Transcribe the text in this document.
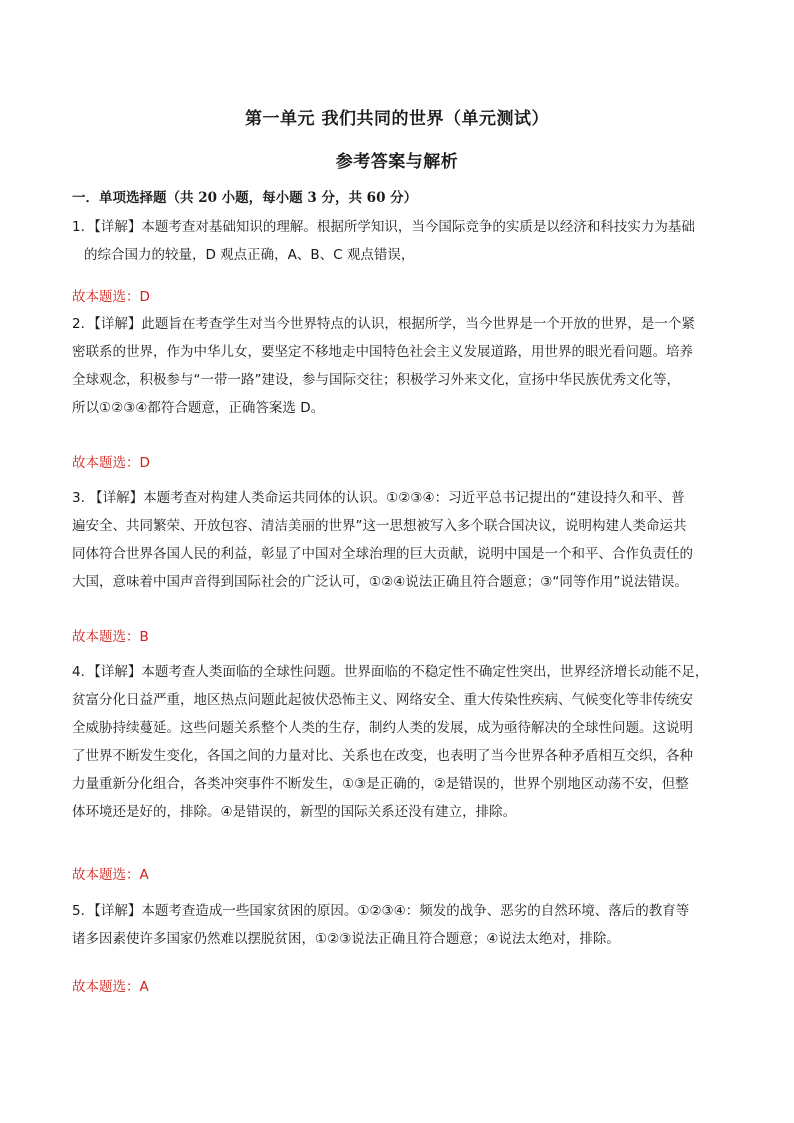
第一单元 我们共同的世界（单元测试）
参考答案与解析
一．单项选择题（共 20 小题，每小题 3 分，共 60 分）
1．【详解】本题考查对基础知识的理解。根据所学知识，当今国际竞争的实质是以经济和科技实力为基础
的综合国力的较量，D 观点正确，A、B、C 观点错误，
故本题选：D
2．【详解】此题旨在考查学生对当今世界特点的认识，根据所学，当今世界是一个开放的世界，是一个紧
密联系的世界，作为中华儿女，要坚定不移地走中国特色社会主义发展道路，用世界的眼光看问题。培养
全球观念，积极参与“一带一路”建设，参与国际交往；积极学习外来文化，宣扬中华民族优秀文化等，
所以①②③④都符合题意，正确答案选 D。
故本题选：D
3. 【详解】本题考查对构建人类命运共同体的认识。①②③④：习近平总书记提出的“建设持久和平、普
遍安全、共同繁荣、开放包容、清洁美丽的世界”这一思想被写入多个联合国决议，说明构建人类命运共
同体符合世界各国人民的利益，彰显了中国对全球治理的巨大贡献，说明中国是一个和平、合作负责任的
大国，意味着中国声音得到国际社会的广泛认可，①②④说法正确且符合题意；③“同等作用”说法错误。
故本题选：B
4．【详解】本题考查人类面临的全球性问题。世界面临的不稳定性不确定性突出，世界经济增长动能不足，
贫富分化日益严重，地区热点问题此起彼伏恐怖主义、网络安全、重大传染性疾病、气候变化等非传统安
全威胁持续蔓延。这些问题关系整个人类的生存，制约人类的发展，成为亟待解决的全球性问题。这说明
了世界不断发生变化，各国之间的力量对比、关系也在改变，也表明了当今世界各种矛盾相互交织，各种
力量重新分化组合，各类冲突事件不断发生，①③是正确的，②是错误的，世界个别地区动荡不安，但整
体环境还是好的，排除。④是错误的，新型的国际关系还没有建立，排除。
故本题选：A
5．【详解】本题考查造成一些国家贫困的原因。①②③④：频发的战争、恶劣的自然环境、落后的教育等
诸多因素使许多国家仍然难以摆脱贫困，①②③说法正确且符合题意；④说法太绝对，排除。
故本题选：A
